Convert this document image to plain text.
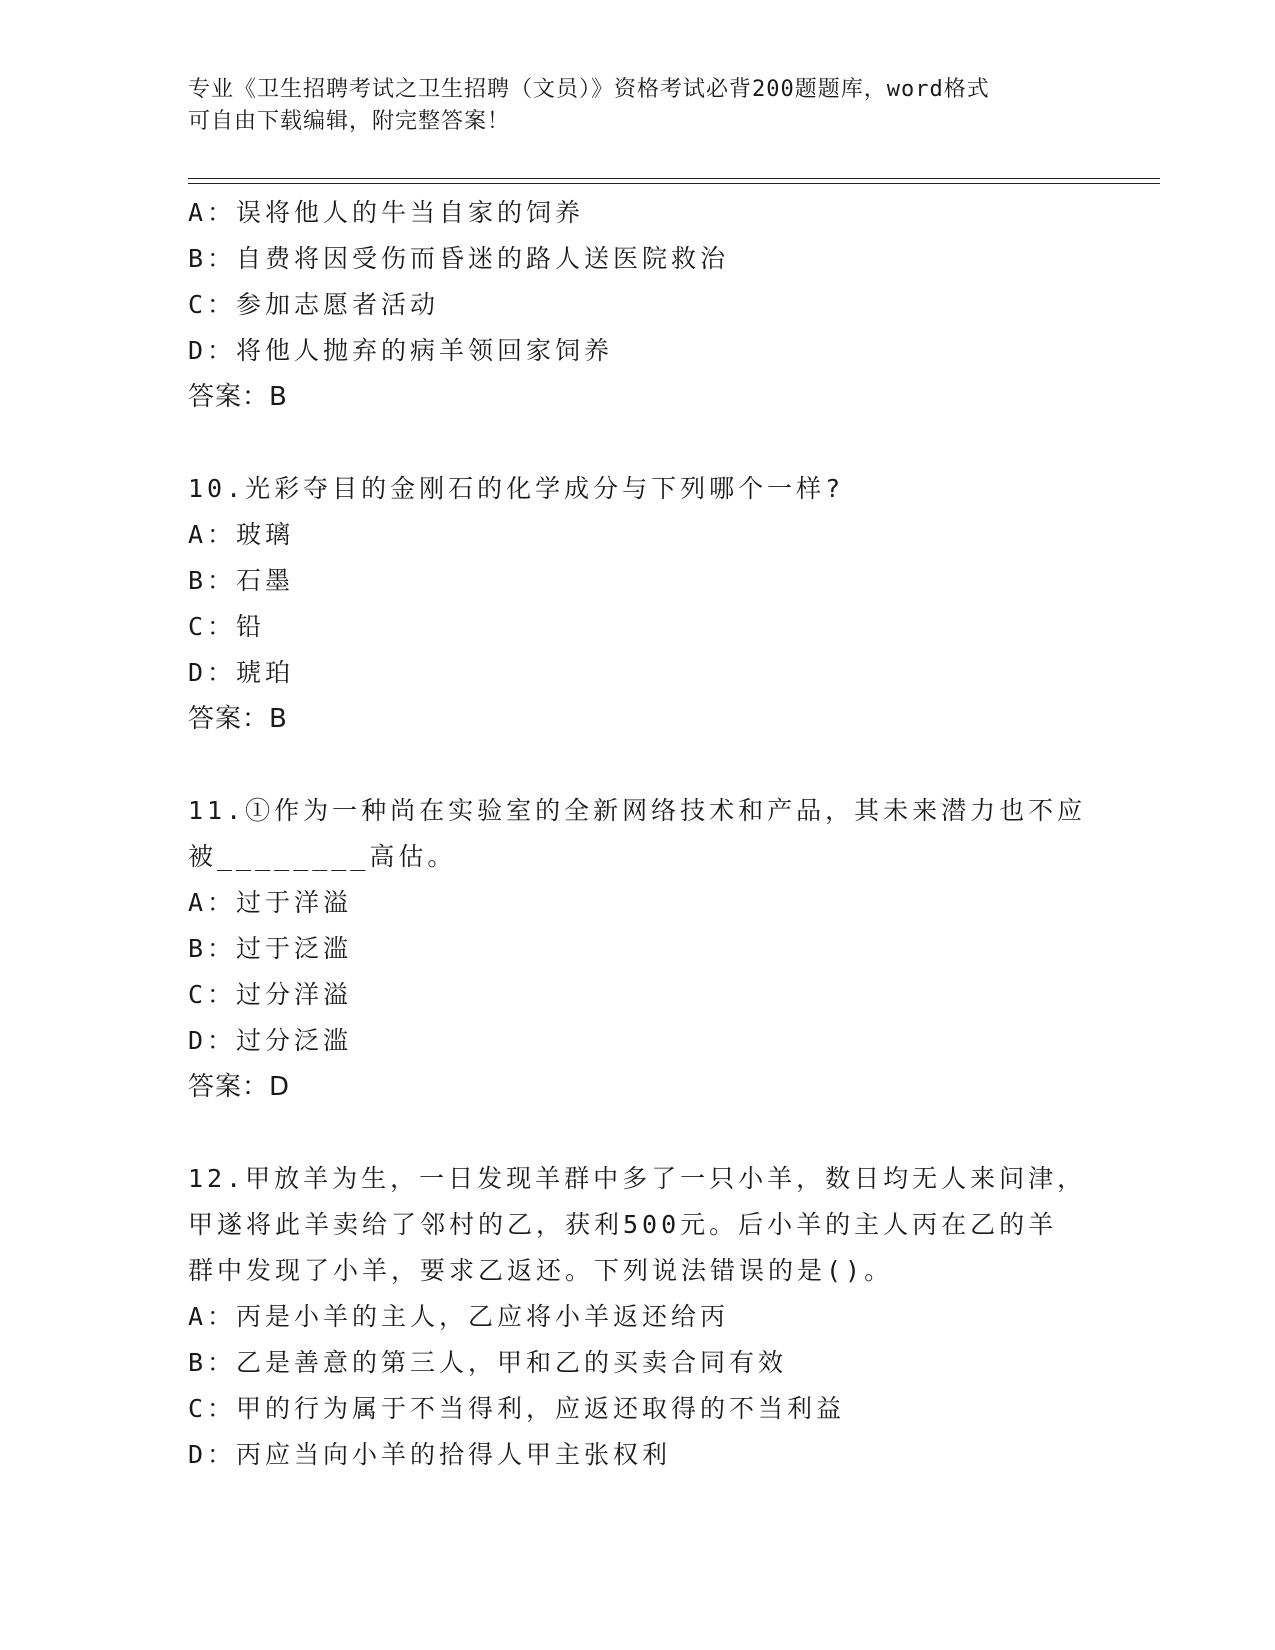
专业《卫生招聘考试之卫生招聘（文员）》资格考试必背200题题库，word格式
可自由下载编辑，附完整答案！
A：误将他人的牛当自家的饲养
B：自费将因受伤而昏迷的路人送医院救治
C：参加志愿者活动
D：将他人抛弃的病羊领回家饲养
答案：B
10.光彩夺目的金刚石的化学成分与下列哪个一样?
A：玻璃
B：石墨
C：铅
D：琥珀
答案：B
11.①作为一种尚在实验室的全新网络技术和产品，其未来潜力也不应
被________高估。
A：过于洋溢
B：过于泛滥
C：过分洋溢
D：过分泛滥
答案：D
12.甲放羊为生，一日发现羊群中多了一只小羊，数日均无人来问津，
甲遂将此羊卖给了邻村的乙，获利500元。后小羊的主人丙在乙的羊
群中发现了小羊，要求乙返还。下列说法错误的是()。
A：丙是小羊的主人，乙应将小羊返还给丙
B：乙是善意的第三人，甲和乙的买卖合同有效
C：甲的行为属于不当得利，应返还取得的不当利益
D：丙应当向小羊的拾得人甲主张权利
